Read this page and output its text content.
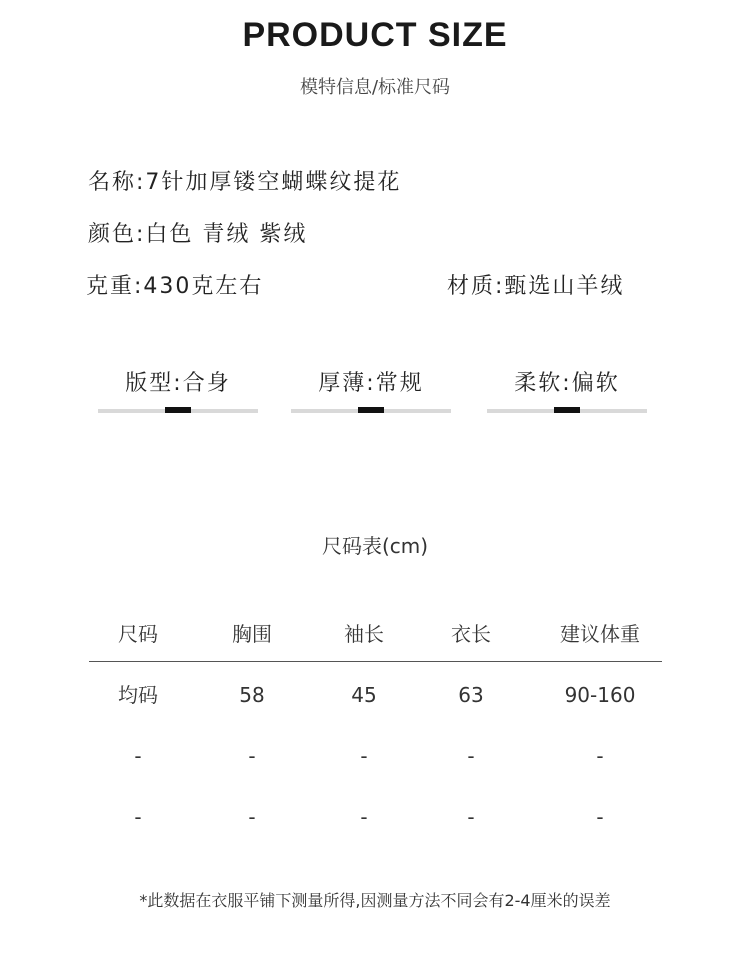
PRODUCT SIZE
模特信息/标准尺码
名称:7针加厚镂空蝴蝶纹提花
颜色:白色 青绒 紫绒
克重:430克左右	材质:甄选山羊绒
版型:合身	厚薄:常规	柔软:偏软
尺码表(cm)
尺码	胸围	袖长	衣长	建议体重
均码	58	45	63	90-160
-	-	-	-	-
-	-	-	-	-
*此数据在衣服平铺下测量所得,因测量方法不同会有2-4厘米的误差
